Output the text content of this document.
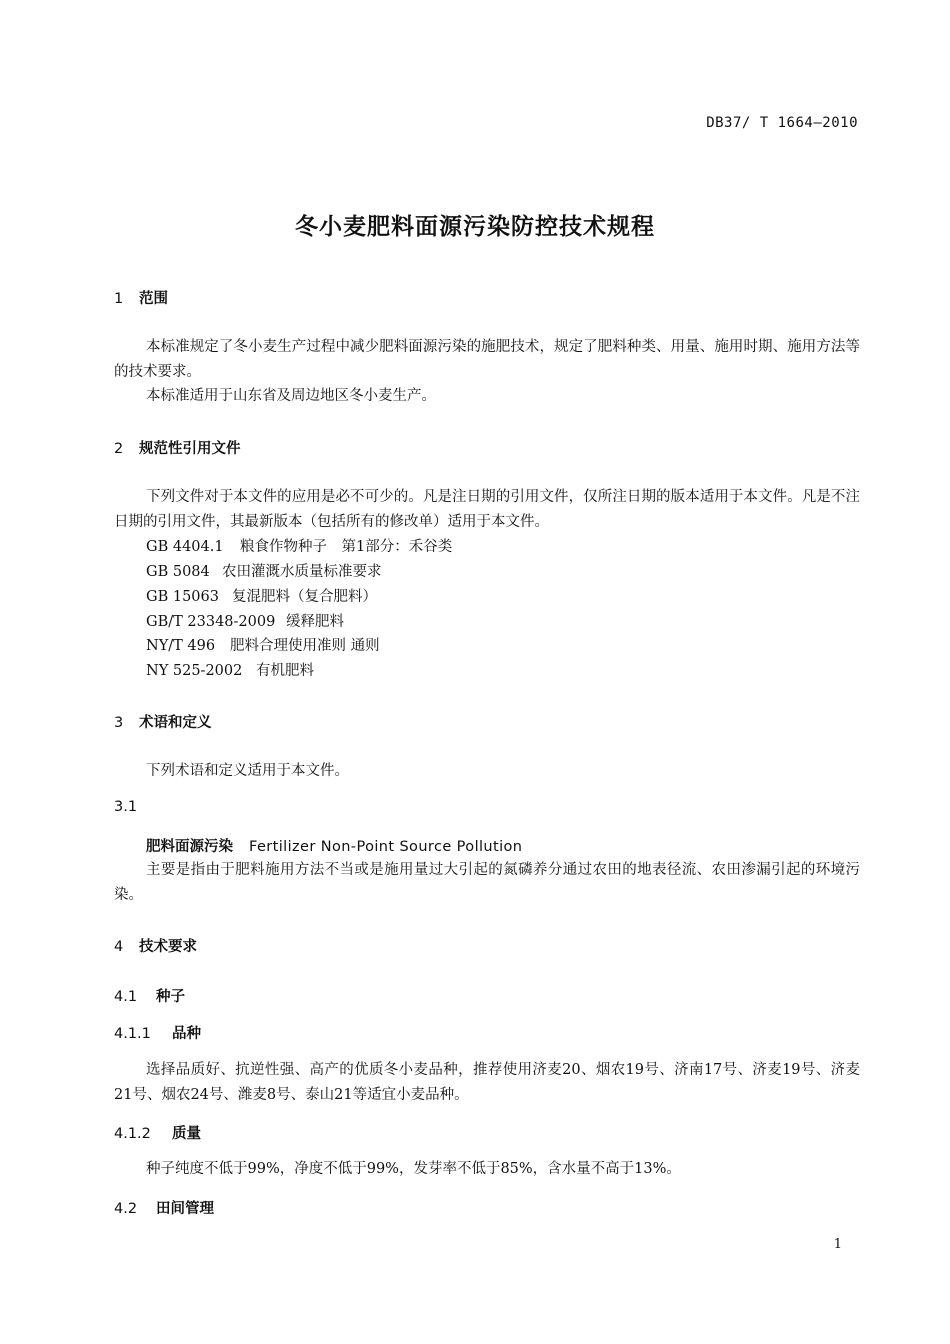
DB37/ T 1664—2010
冬小麦肥料面源污染防控技术规程
1 范围

本标准规定了冬小麦生产过程中减少肥料面源污染的施肥技术，规定了肥料种类、用量、施用时期、施用方法等的技术要求。

本标准适用于山东省及周边地区冬小麦生产。

2 规范性引用文件

下列文件对于本文件的应用是必不可少的。凡是注日期的引用文件，仅所注日期的版本适用于本文件。凡是不注日期的引用文件，其最新版本（包括所有的修改单）适用于本文件。

GB 4404.1 粮食作物种子　第1部分：禾谷类
GB 5084 农田灌溉水质量标准要求
GB 15063 复混肥料（复合肥料）
GB/T 23348-2009 缓释肥料
NY/T 496 肥料合理使用准则 通则
NY 525-2002 有机肥料
3 术语和定义

下列术语和定义适用于本文件。

3.1
肥料面源污染 Fertilizer Non-Point Source Pollution

主要是指由于肥料施用方法不当或是施用量过大引起的氮磷养分通过农田的地表径流、农田渗漏引起的环境污染。

4 技术要求
4.1 种子
4.1.1 品种

选择品质好、抗逆性强、高产的优质冬小麦品种，推荐使用济麦20、烟农19号、济南17号、济麦19号、济麦21号、烟农24号、潍麦8号、泰山21等适宜小麦品种。

4.1.2 质量

种子纯度不低于99%，净度不低于99%，发芽率不低于85%，含水量不高于13%。

4.2 田间管理
1
